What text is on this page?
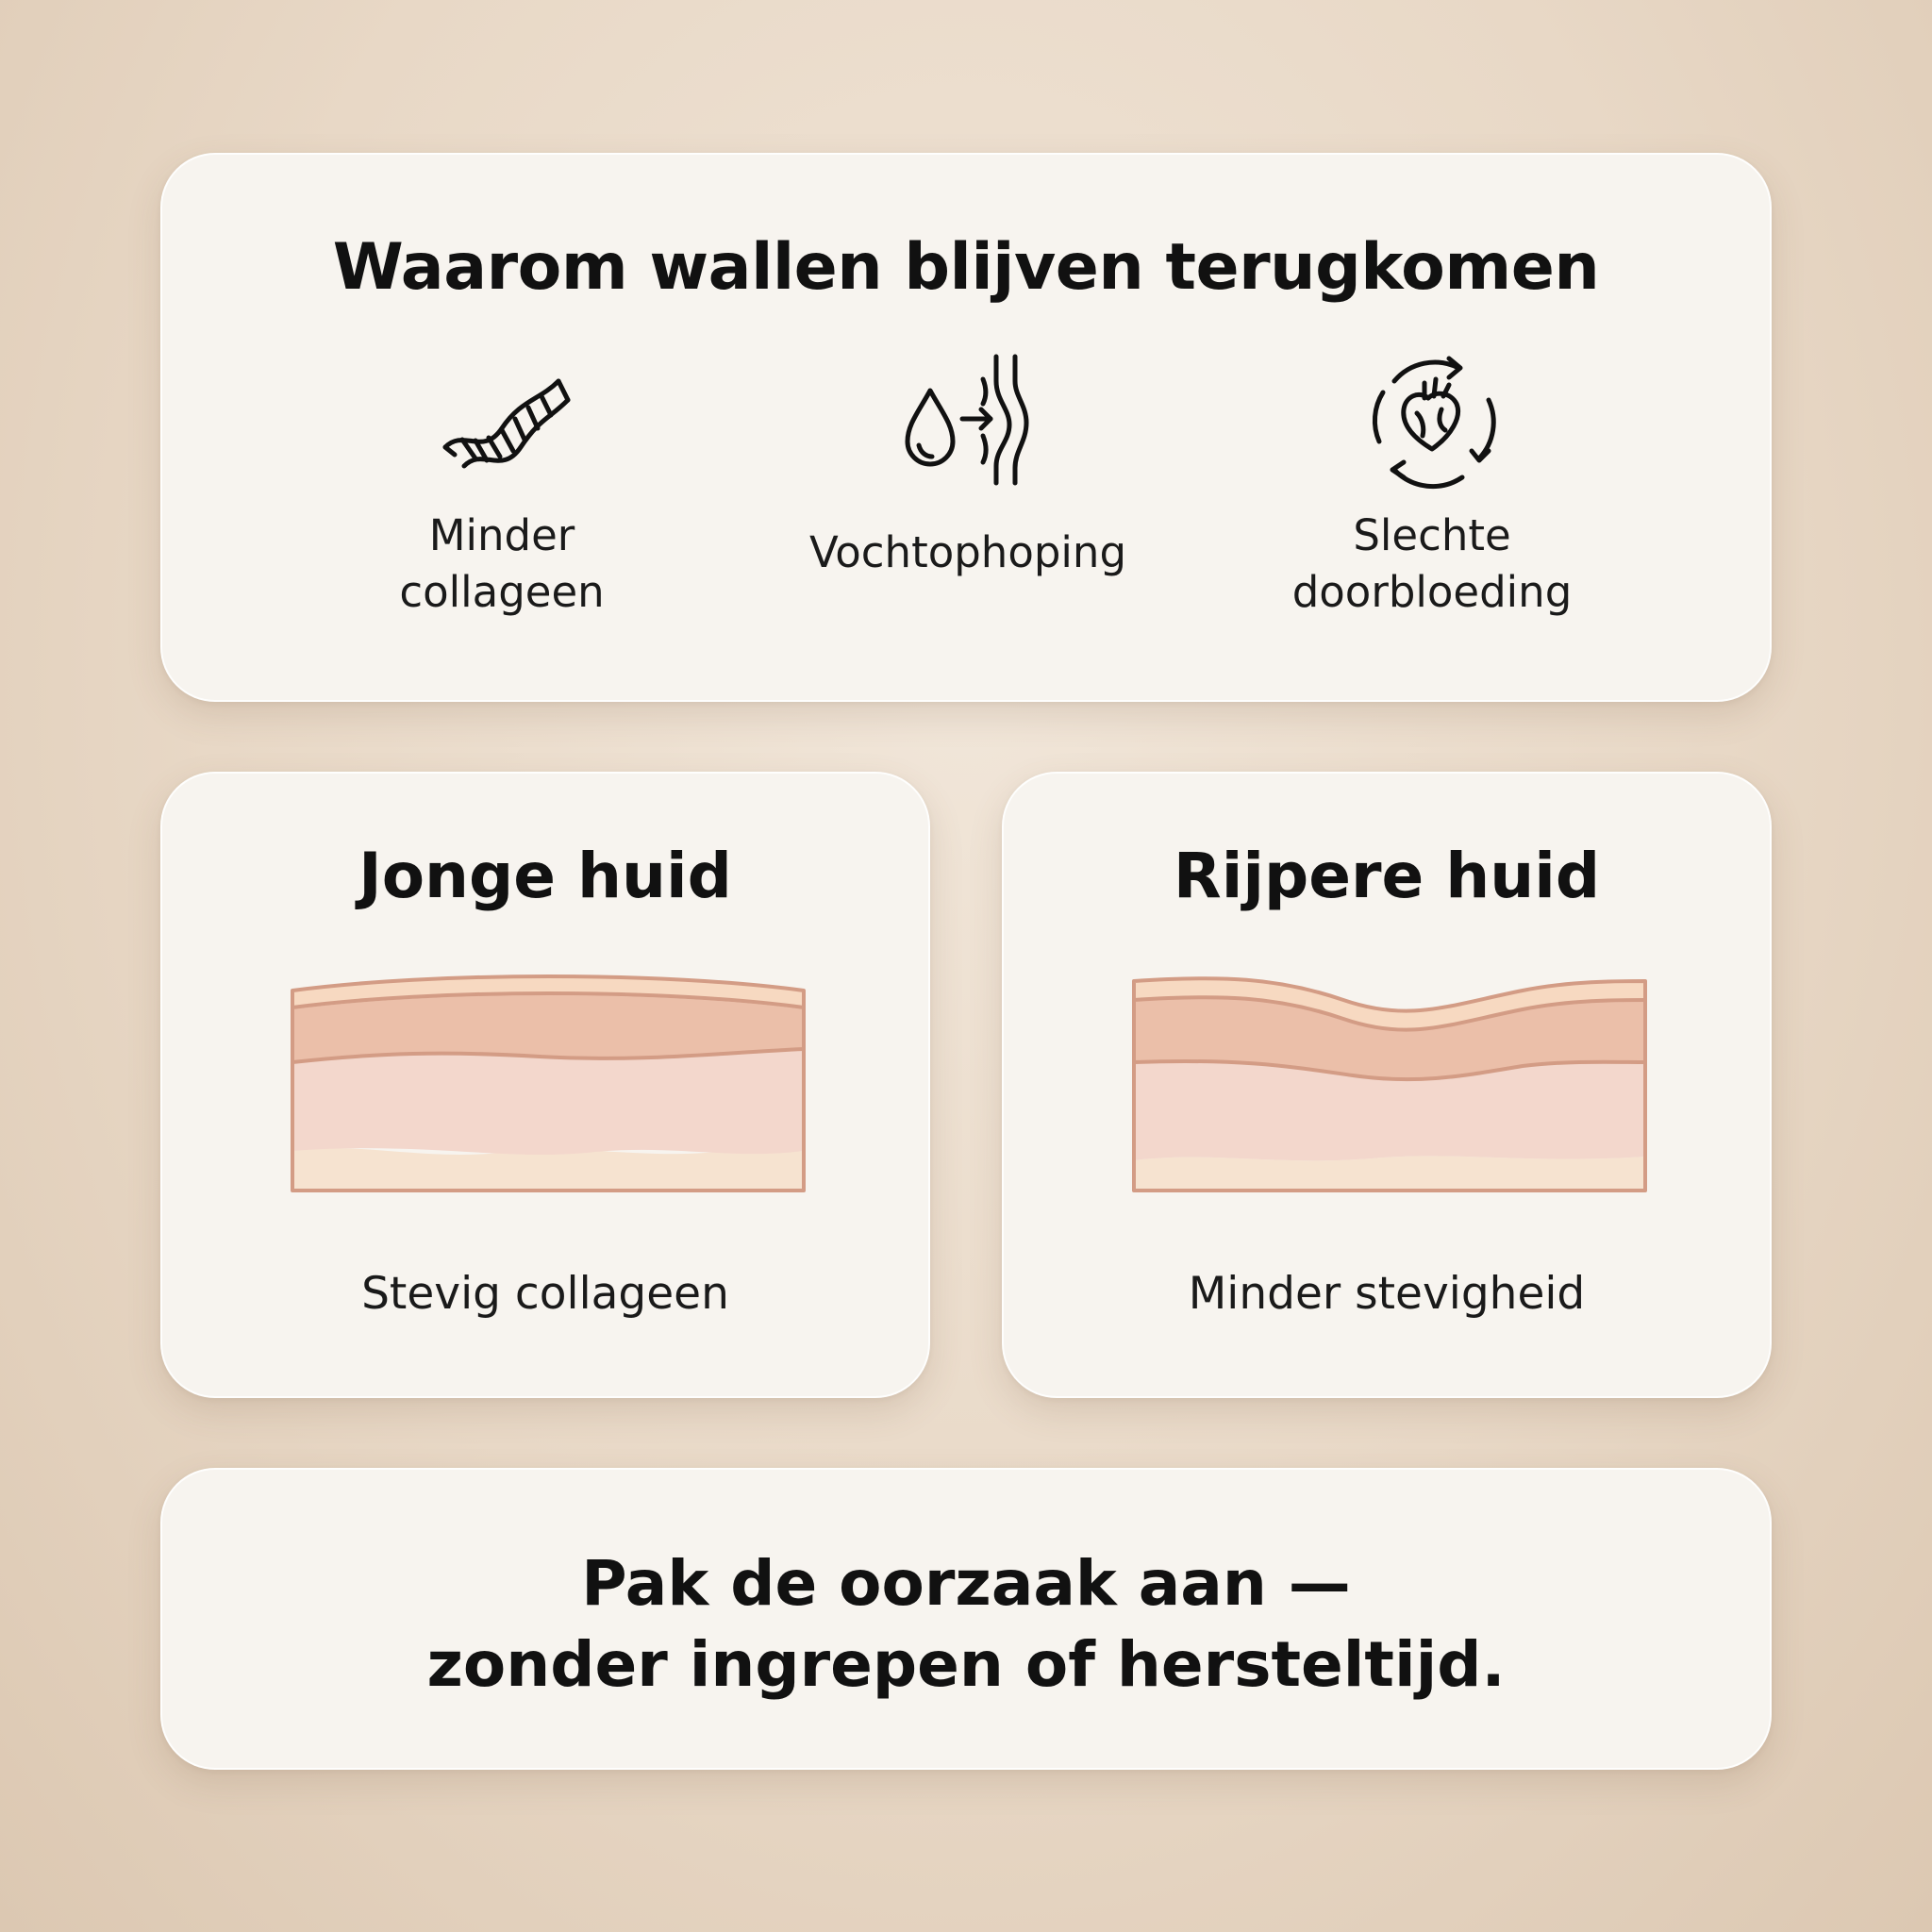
Waarom wallen blijven terugkomen
Minder
collageen
Vochtophoping	Slechte
doorbloeding
Jonge huid
Stevig collageen
Rijpere huid
Minder stevigheid
Pak de oorzaak aan —
zonder ingrepen of hersteltijd.
